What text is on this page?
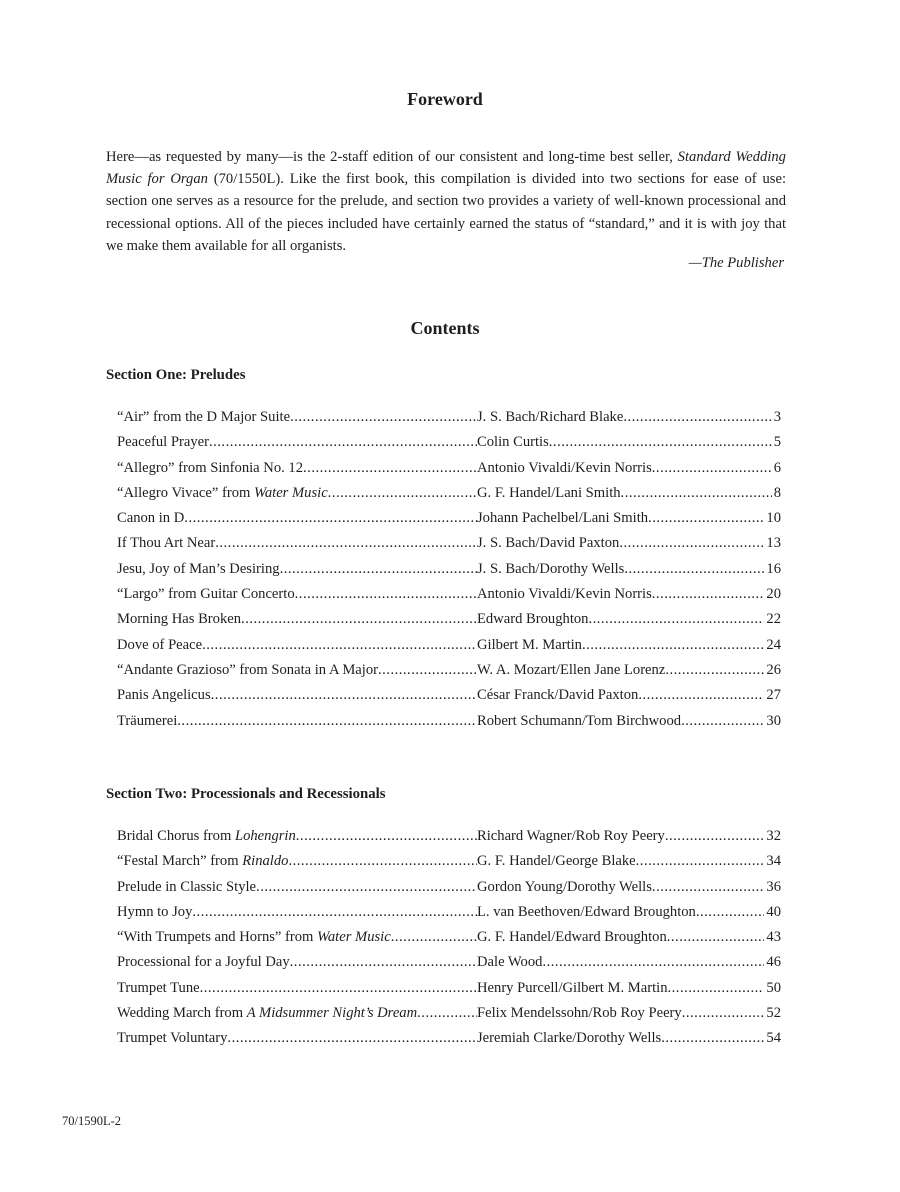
Foreword
Here—as requested by many—is the 2-staff edition of our consistent and long-time best seller, Standard Wedding Music for Organ (70/1550L). Like the first book, this compilation is divided into two sections for ease of use: section one serves as a resource for the prelude, and section two provides a variety of well-known processional and recessional options. All of the pieces included have certainly earned the status of “standard,” and it is with joy that we make them available for all organists.
—The Publisher
Contents
Section One: Preludes
“Air” from the D Major Suite .....	J. S. Bach/Richard Blake .....	3
Peaceful Prayer .....	Colin Curtis .....	5
“Allegro” from Sinfonia No. 12 .....	Antonio Vivaldi/Kevin Norris .....	6
“Allegro Vivace” from Water Music .....	G. F. Handel/Lani Smith .....	8
Canon in D .....	Johann Pachelbel/Lani Smith .....	10
If Thou Art Near .....	J. S. Bach/David Paxton .....	13
Jesu, Joy of Man’s Desiring .....	J. S. Bach/Dorothy Wells .....	16
“Largo” from Guitar Concerto .....	Antonio Vivaldi/Kevin Norris .....	20
Morning Has Broken .....	Edward Broughton .....	22
Dove of Peace .....	Gilbert M. Martin .....	24
“Andante Grazioso” from Sonata in A Major .....	W. A. Mozart/Ellen Jane Lorenz .....	26
Panis Angelicus .....	César Franck/David Paxton .....	27
Träumerei .....	Robert Schumann/Tom Birchwood .....	30
Section Two: Processionals and Recessionals
Bridal Chorus from Lohengrin .....	Richard Wagner/Rob Roy Peery .....	32
“Festal March” from Rinaldo .....	G. F. Handel/George Blake .....	34
Prelude in Classic Style .....	Gordon Young/Dorothy Wells .....	36
Hymn to Joy .....	L. van Beethoven/Edward Broughton .....	40
“With Trumpets and Horns” from Water Music .....	G. F. Handel/Edward Broughton .....	43
Processional for a Joyful Day .....	Dale Wood .....	46
Trumpet Tune .....	Henry Purcell/Gilbert M. Martin .....	50
Wedding March from A Midsummer Night’s Dream .....	Felix Mendelssohn/Rob Roy Peery .....	52
Trumpet Voluntary .....	Jeremiah Clarke/Dorothy Wells .....	54
70/1590L-2
